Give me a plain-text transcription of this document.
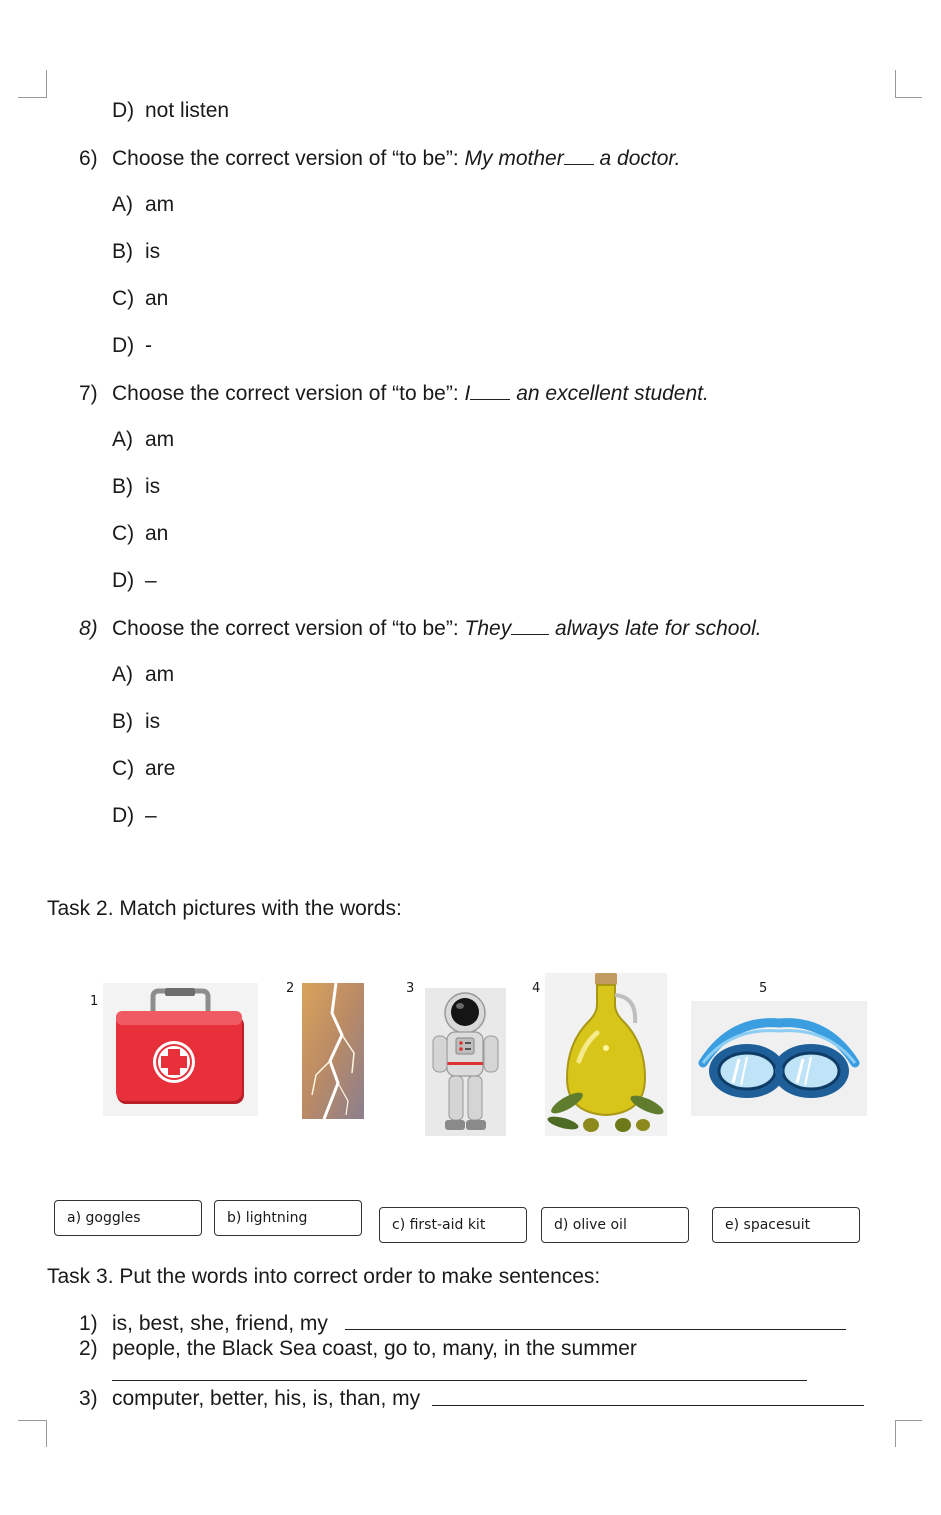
D) not listen
6) Choose the correct version of “to be”: My mother a doctor.
A) am
B) is
C) an
D) -
7) Choose the correct version of “to be”: I an excellent student.
A) am
B) is
C) an
D) –
8) Choose the correct version of “to be”: They always late for school.
A) am
B) is
C) are
D) –
Task 2. Match pictures with the words:
1
2	3	4	5
a) goggles	b) lightning	c) first-aid kit	d) olive oil	e) spacesuit
Task 3. Put the words into correct order to make sentences:
1) is, best, she, friend, my
2) people, the Black Sea coast, go to, many, in the summer
3) computer, better, his, is, than, my
